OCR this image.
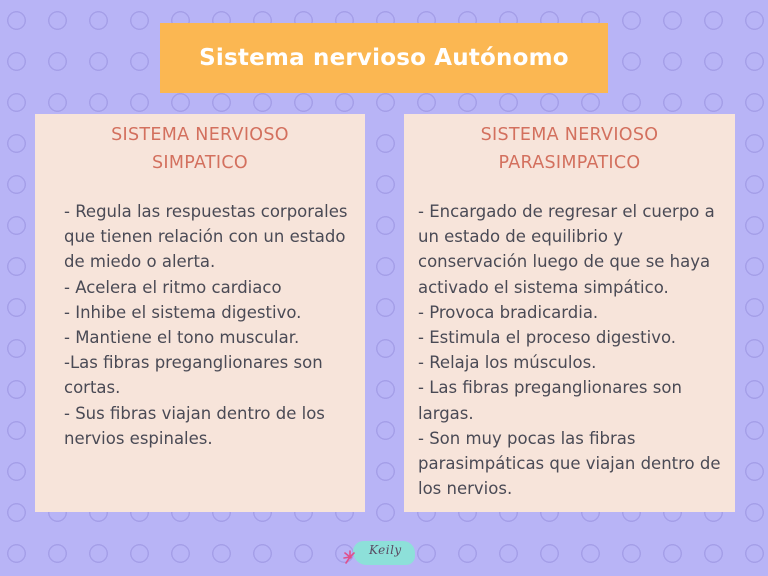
Sistema nervioso Autónomo
SISTEMA NERVIOSO
SIMPATICO
- Regula las respuestas corporales que tienen relación con un estado de miedo o alerta.
- Acelera el ritmo cardiaco
- Inhibe el sistema digestivo.
- Mantiene el tono muscular.
-Las fibras preganglionares son cortas.
- Sus fibras viajan dentro de los nervios espinales.
SISTEMA NERVIOSO
PARASIMPATICO
- Encargado de regresar el cuerpo a un estado de equilibrio y conservación luego de que se haya activado el sistema simpático.
- Provoca bradicardia.
- Estimula el proceso digestivo.
- Relaja los músculos.
- Las fibras preganglionares son largas.
- Son muy pocas las fibras parasimpáticas que viajan dentro de los nervios.
Keily
